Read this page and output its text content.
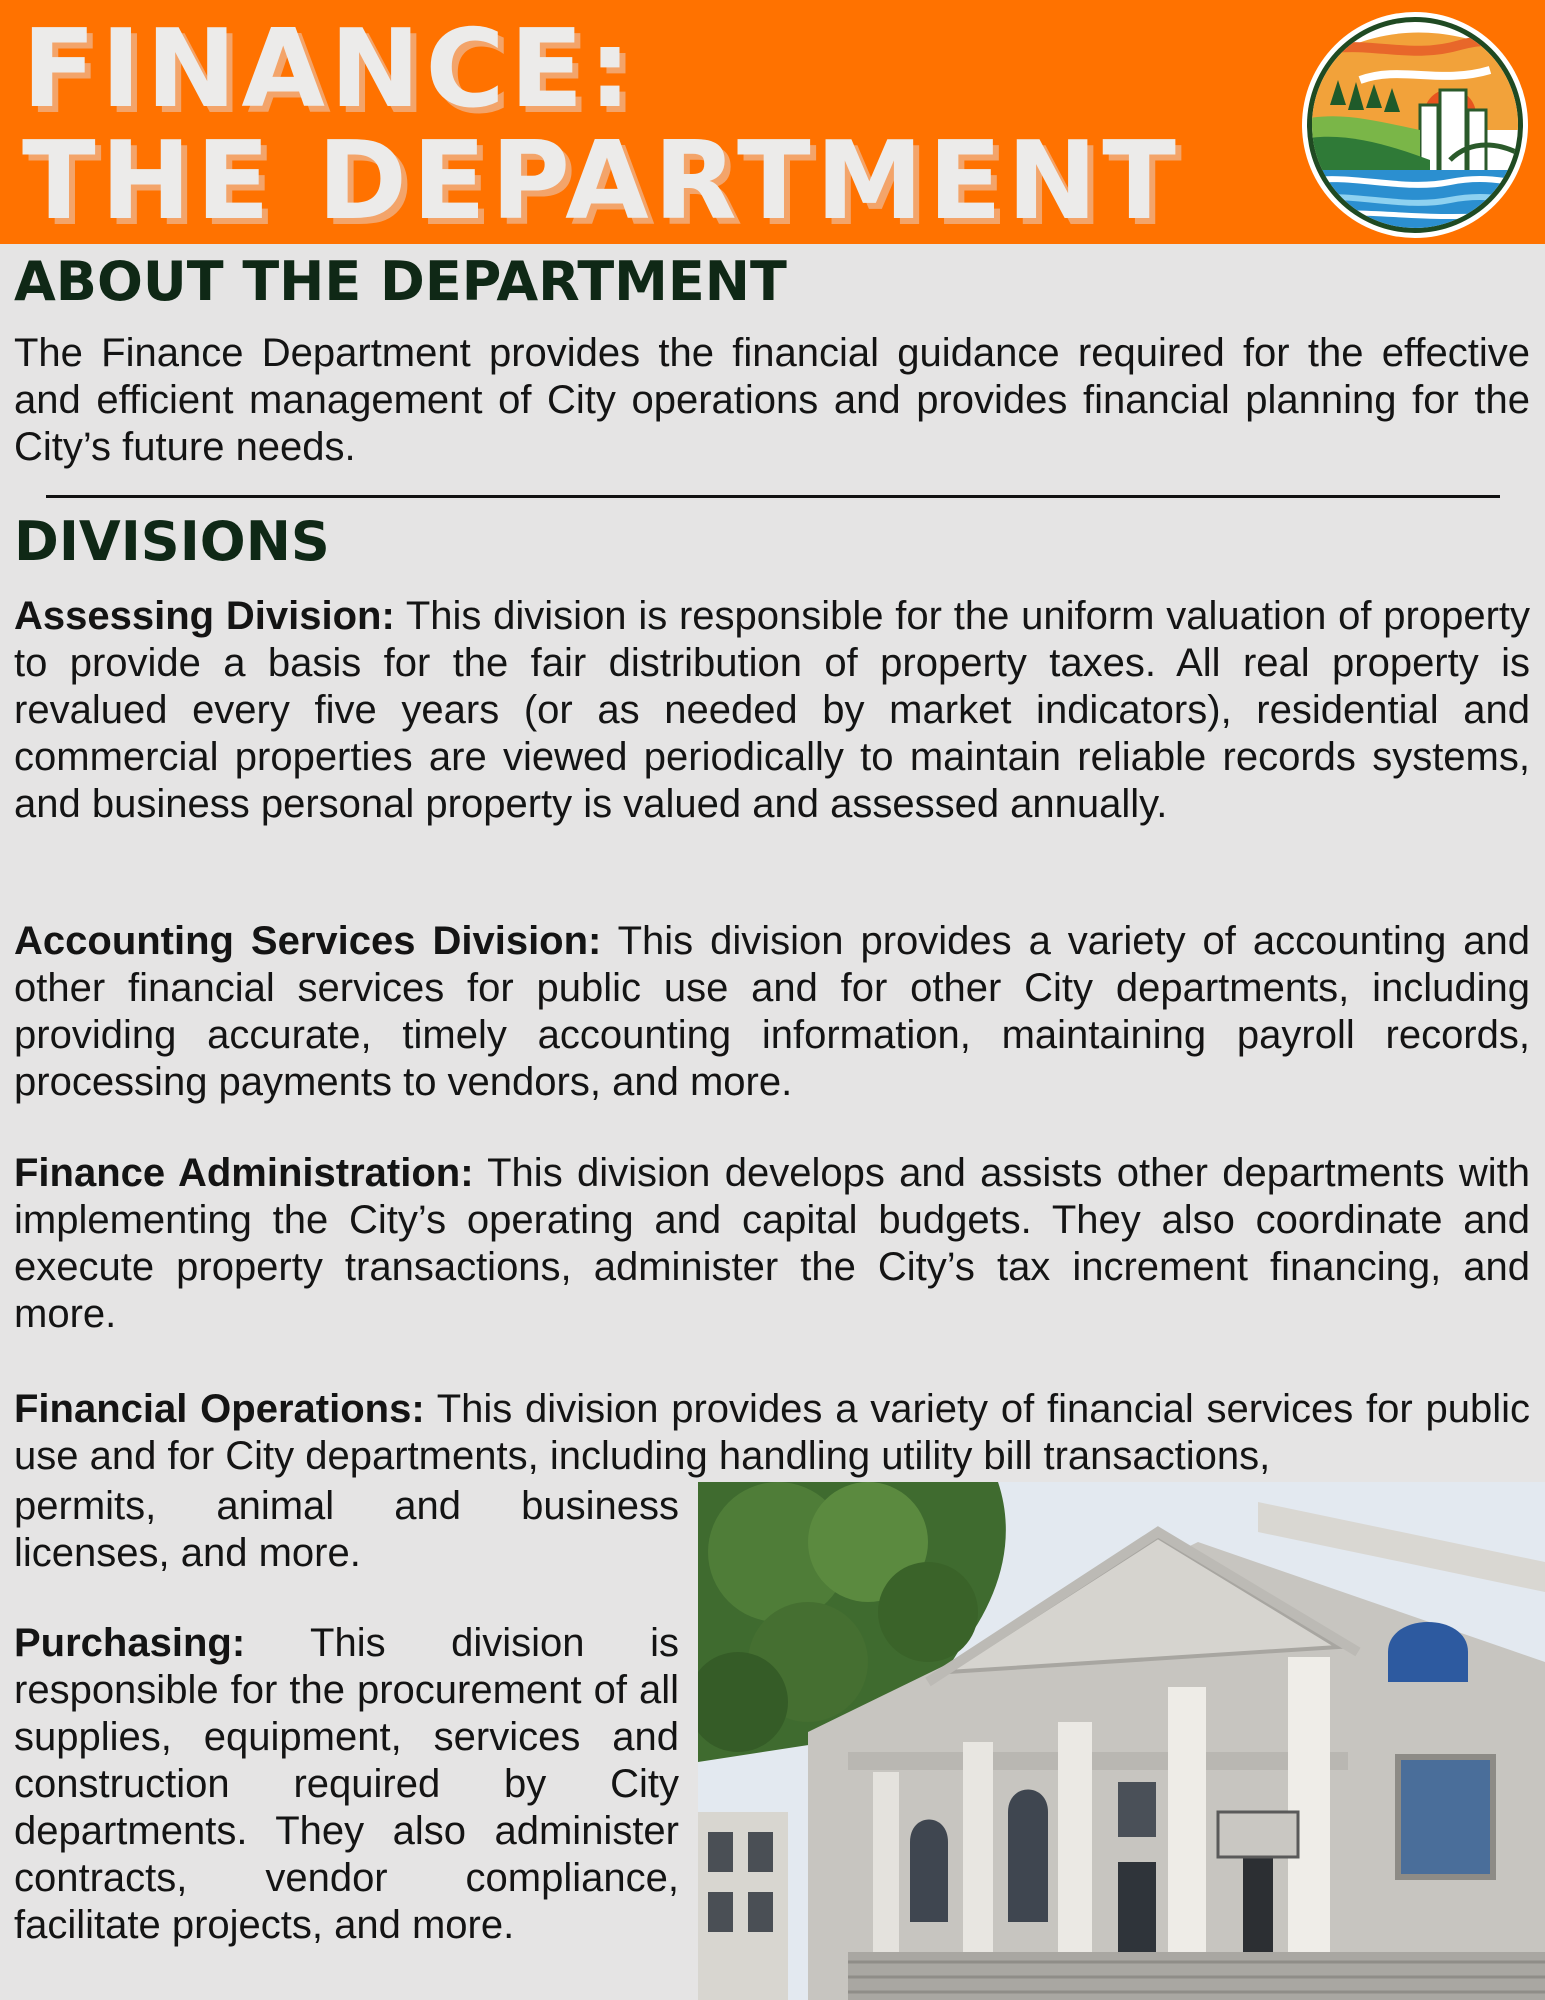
FINANCE:
THE DEPARTMENT
ABOUT THE DEPARTMENT

The Finance Department provides the financial guidance required for the effective and efficient management of City operations and provides financial planning for the City’s future needs.

DIVISIONS

Assessing Division: This division is responsible for the uniform valuation of property to provide a basis for the fair distribution of property taxes. All real property is revalued every five years (or as needed by market indicators), residential and commercial properties are viewed periodically to maintain reliable records systems, and business personal property is valued and assessed annually.

Accounting Services Division: This division provides a variety of accounting and other financial services for public use and for other City departments, including providing accurate, timely accounting information, maintaining payroll records, processing payments to vendors, and more.

Finance Administration: This division develops and assists other departments with implementing the City’s operating and capital budgets. They also coordinate and execute property transactions, administer the City’s tax increment financing, and more.

Financial Operations: This division provides a variety of financial services for public use and for City departments, including handling utility bill transactions,

permits, animal and business licenses, and more.

Purchasing: This division is responsible for the procurement of all supplies, equipment, services and construction required by City departments. They also administer contracts, vendor compliance, facilitate projects, and more.
